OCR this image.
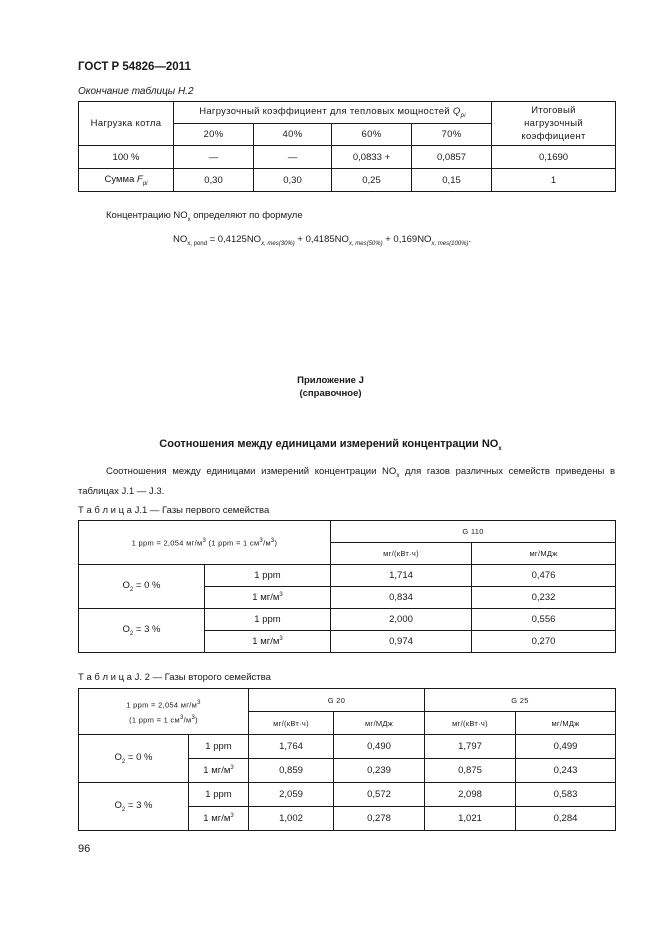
ГОСТ Р 54826—2011
Окончание таблицы Н.2
Нагрузка котла	Нагрузочный коэффициент для тепловых мощностей $Q_{pi}$				Итоговый нагрузочный коэффициент
	20%	40%	60%	70%	
100 %	—	—	0,0833 +	0,0857	0,1690
Сумма $F_{pi}$	0,30	0,30	0,25	0,15	1
Концентрацию $NO_x$ определяют по формуле
$NO_{x, pond} = 0,4125NO_{x, mes(30\%)} + 0,4185NO_{x, mes(50\%)} + 0,169NO_{x, mes(100\%)}$.
Приложение J
(справочное)
Соотношения между единицами измерений концентрации $NO_x$
Соотношения между единицами измерений концентрации $NO_x$ для газов различных семейств приведены в таблицах J.1 — J.3.
Т а б л и ц а J.1 — Газы первого семейства
1 ppm = 2,054 $мг/м^3$ (1 ppm = 1 $см^3/м^3$)		G 110	
		мг/(кВт·ч)	мг/МДж
$O_2 = 0$ %	1 ppm	1,714	0,476
	1 $мг/м^3$	0,834	0,232
$O_2 = 3$ %	1 ppm	2,000	0,556
	1 $мг/м^3$	0,974	0,270
Т а б л и ц а J. 2 — Газы второго семейства
1 ppm = 2,054 $мг/м^3$
(1 ppm = 1 $см^3/м^3$)		G 20		G 25	
		мг/(кВт·ч)	мг/МДж	мг/(кВт·ч)	мг/МДж
$O_2 = 0$ %	1 ppm	1,764	0,490	1,797	0,499
	1 $мг/м^3$	0,859	0,239	0,875	0,243
$O_2 = 3$ %	1 ppm	2,059	0,572	2,098	0,583
	1 $мг/м^3$	1,002	0,278	1,021	0,284
96
